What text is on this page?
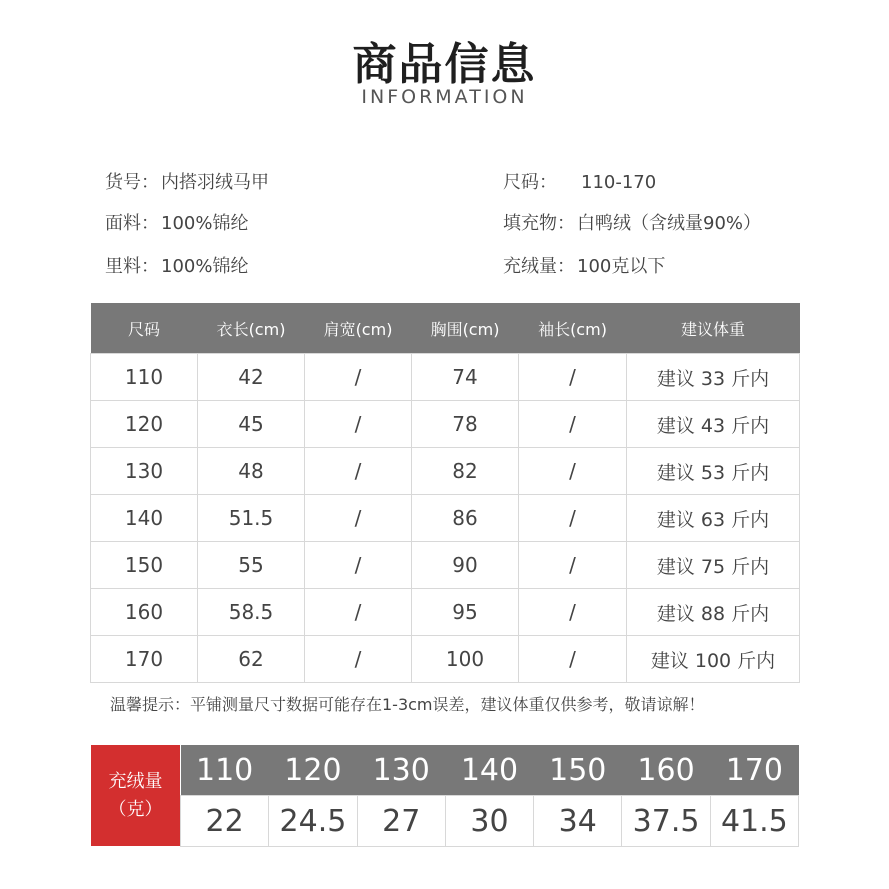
商品信息
INFORMATION
货号： 内搭羽绒马甲	尺码： 110-170
面料： 100%锦纶	填充物： 白鸭绒（含绒量90%）
里料： 100%锦纶	充绒量： 100克以下
尺码	衣长(cm)	肩宽(cm)	胸围(cm)	袖长(cm)	建议体重
110	42	/	74	/	建议 33 斤内
120	45	/	78	/	建议 43 斤内
130	48	/	82	/	建议 53 斤内
140	51.5	/	86	/	建议 63 斤内
150	55	/	90	/	建议 75 斤内
160	58.5	/	95	/	建议 88 斤内
170	62	/	100	/	建议 100 斤内
温馨提示：平铺测量尺寸数据可能存在1-3cm误差，建议体重仅供参考，敬请谅解！
充绒量
（克）
110	120	130	140	150	160	170
22	24.5	27	30	34	37.5	41.5
